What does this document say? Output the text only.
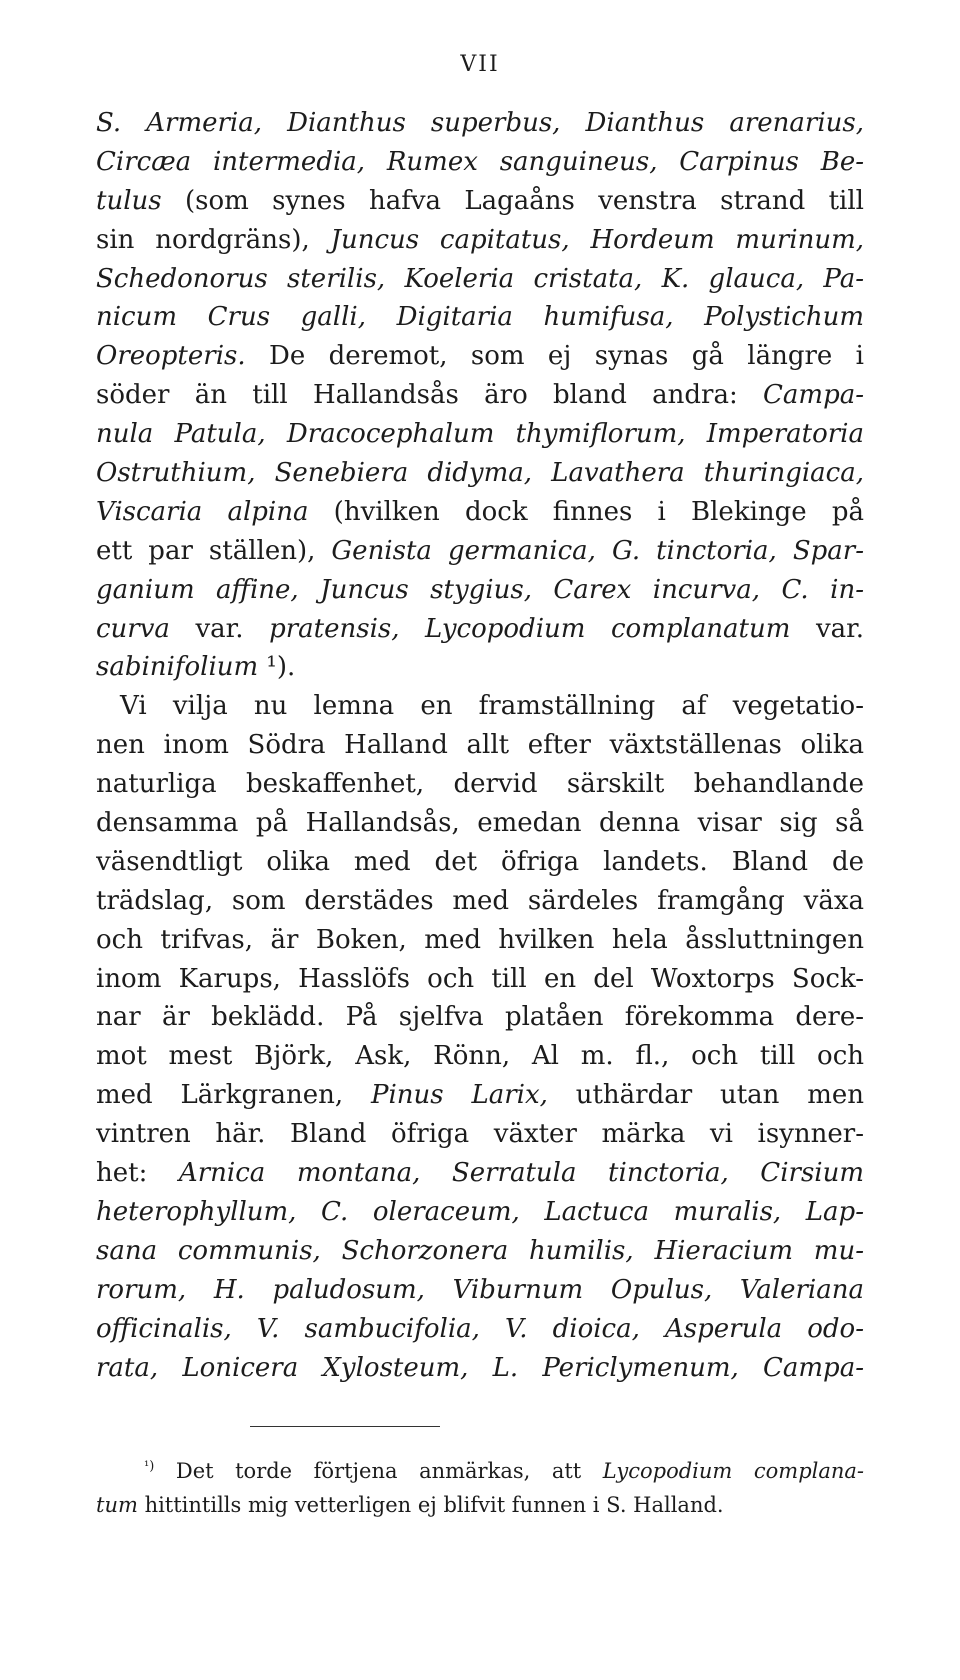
VII
S. Armeria, Dianthus superbus, Dianthus arenarius,
Circæa intermedia, Rumex sanguineus, Carpinus Be-
tulus (som synes hafva Lagaåns venstra strand till
sin nordgräns), Juncus capitatus, Hordeum murinum,
Schedonorus sterilis, Koeleria cristata, K. glauca, Pa-
nicum Crus galli, Digitaria humifusa, Polystichum
Oreopteris. De deremot, som ej synas gå längre i
söder än till Hallandsås äro bland andra: Campa-
nula Patula, Dracocephalum thymiflorum, Imperatoria
Ostruthium, Senebiera didyma, Lavathera thuringiaca,
Viscaria alpina (hvilken dock finnes i Blekinge på
ett par ställen), Genista germanica, G. tinctoria, Spar-
ganium affine, Juncus stygius, Carex incurva, C. in-
curva var. pratensis, Lycopodium complanatum var.
sabinifolium ¹).
Vi vilja nu lemna en framställning af vegetatio-
nen inom Södra Halland allt efter växtställenas olika
naturliga beskaffenhet, dervid särskilt behandlande
densamma på Hallandsås, emedan denna visar sig så
väsendtligt olika med det öfriga landets. Bland de
trädslag, som derstädes med särdeles framgång växa
och trifvas, är Boken, med hvilken hela åssluttningen
inom Karups, Hasslöfs och till en del Woxtorps Sock-
nar är beklädd. På sjelfva platåen förekomma dere-
mot mest Björk, Ask, Rönn, Al m. fl., och till och
med Lärkgranen, Pinus Larix, uthärdar utan men
vintren här. Bland öfriga växter märka vi isynner-
het: Arnica montana, Serratula tinctoria, Cirsium
heterophyllum, C. oleraceum, Lactuca muralis, Lap-
sana communis, Schorzonera humilis, Hieracium mu-
rorum, H. paludosum, Viburnum Opulus, Valeriana
officinalis, V. sambucifolia, V. dioica, Asperula odo-
rata, Lonicera Xylosteum, L. Periclymenum, Campa-
$^{^1)}$ Det torde förtjena anmärkas, att Lycopodium complana-
tum hittintills mig vetterligen ej blifvit funnen i S. Halland.
